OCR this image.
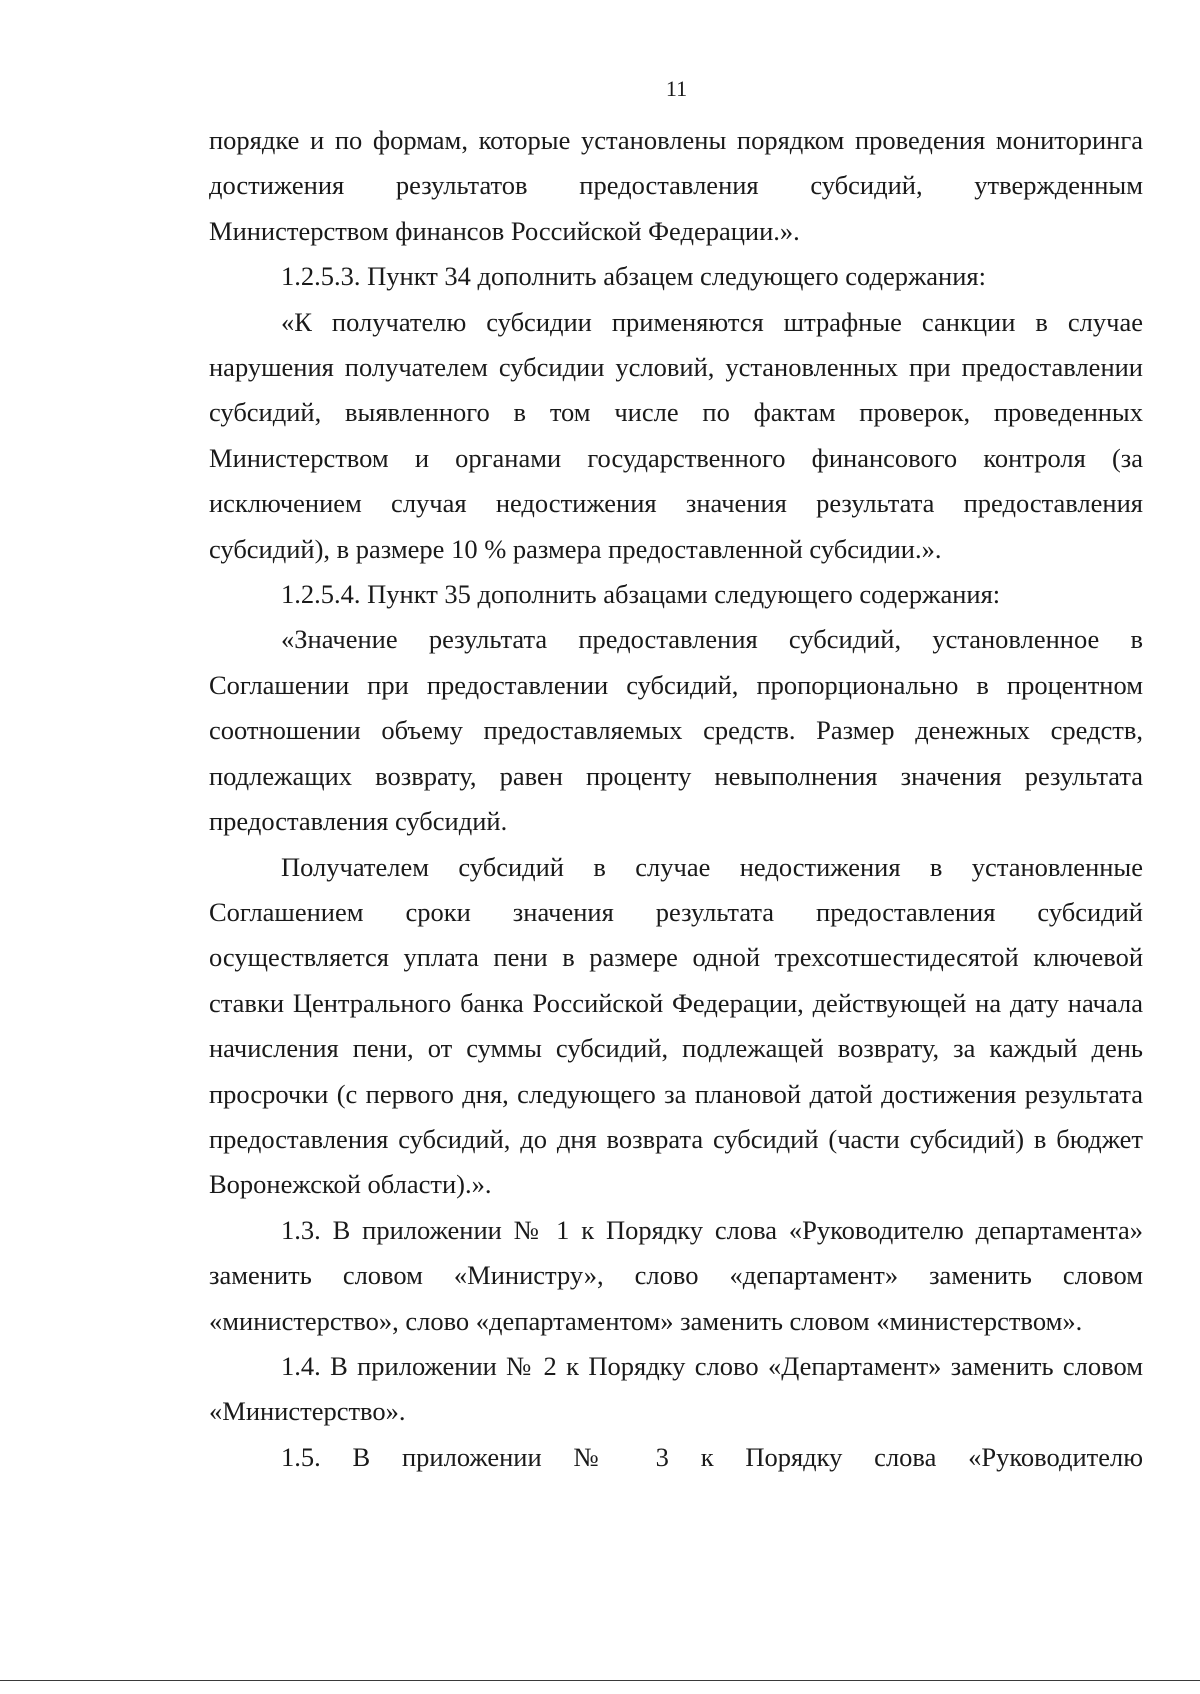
11

порядке и по формам, которые установлены порядком проведения мониторинга достижения результатов предоставления субсидий, утвержденным Министерством финансов Российской Федерации.».

1.2.5.3. Пункт 34 дополнить абзацем следующего содержания:

«К получателю субсидии применяются штрафные санкции в случае нарушения получателем субсидии условий, установленных при предоставлении субсидий, выявленного в том числе по фактам проверок, проведенных Министерством и органами государственного финансового контроля (за исключением случая недостижения значения результата предоставления субсидий), в размере 10 % размера предоставленной субсидии.».

1.2.5.4. Пункт 35 дополнить абзацами следующего содержания:

«Значение результата предоставления субсидий, установленное в Соглашении при предоставлении субсидий, пропорционально в процентном соотношении объему предоставляемых средств. Размер денежных средств, подлежащих возврату, равен проценту невыполнения значения результата предоставления субсидий.

Получателем субсидий в случае недостижения в установленные Соглашением сроки значения результата предоставления субсидий осуществляется уплата пени в размере одной трехсотшестидесятой ключевой ставки Центрального банка Российской Федерации, действующей на дату начала начисления пени, от суммы субсидий, подлежащей возврату, за каждый день просрочки (с первого дня, следующего за плановой датой достижения результата предоставления субсидий, до дня возврата субсидий (части субсидий) в бюджет Воронежской области).».

1.3. В приложении № 1 к Порядку слова «Руководителю департамента» заменить словом «Министру», слово «департамент» заменить словом «министерство», слово «департаментом» заменить словом «министерством».

1.4. В приложении № 2 к Порядку слово «Департамент» заменить словом «Министерство».

1.5. В приложении № 3 к Порядку слова «Руководителю
